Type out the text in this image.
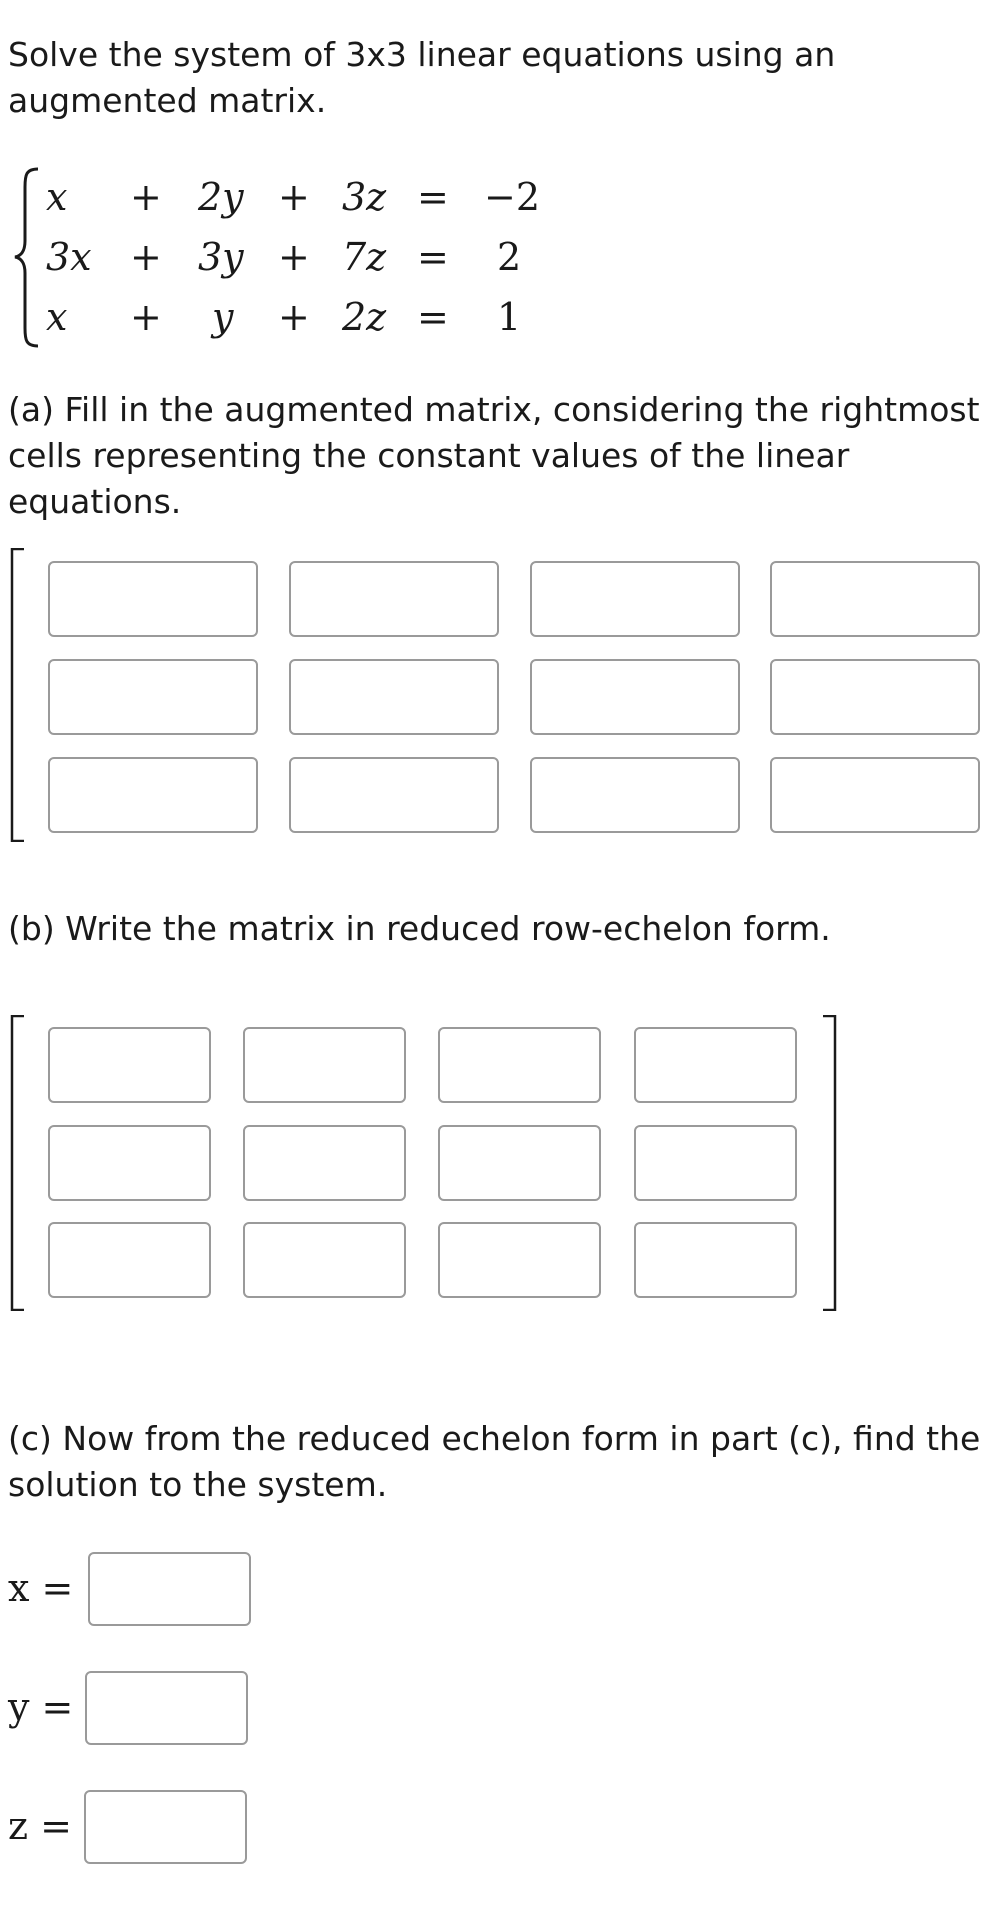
Solve the system of 3x3 linear equations using an

augmented matrix.

x + 2y + 3z = −2
3x + 3y + 7z = 2
x + y + 2z = 1

(a) Fill in the augmented matrix, considering the rightmost

cells representing the constant values of the linear

equations.

(b) Write the matrix in reduced row-echelon form.

(c) Now from the reduced echelon form in part (c), find the

solution to the system.

x =
y =
z =
